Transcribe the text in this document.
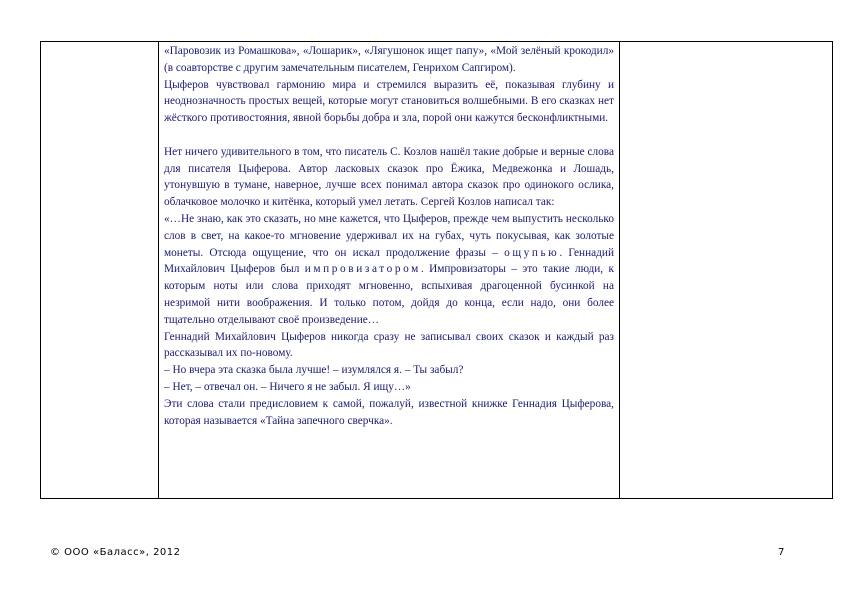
«Паровозик из Ромашкова», «Лошарик», «Лягушонок ищет папу», «Мой зелёный крокодил» (в соавторстве с другим замечательным писателем, Генрихом Сапгиром).

Цыферов чувствовал гармонию мира и стремился выразить её, показывая глубину и неоднозначность простых вещей, которые могут становиться волшебными. В его сказках нет жёсткого противостояния, явной борьбы добра и зла, порой они кажутся бесконфликтными.

Нет ничего удивительного в том, что писатель С. Козлов нашёл такие добрые и верные слова для писателя Цыферова. Автор ласковых сказок про Ёжика, Медвежонка и Лошадь, утонувшую в тумане, наверное, лучше всех понимал автора сказок про одинокого ослика, облачковое молочко и китёнка, который умел летать. Сергей Козлов написал так:

«…Не знаю, как это сказать, но мне кажется, что Цыферов, прежде чем выпустить несколько слов в свет, на какое-то мгновение удерживал их на губах, чуть покусывая, как золотые монеты. Отсюда ощущение, что он искал продолжение фразы – ощупью. Геннадий Михайлович Цыферов был импровизатором. Импровизаторы – это такие люди, к которым ноты или слова приходят мгновенно, вспыхивая драгоценной бусинкой на незримой нити воображения. И только потом, дойдя до конца, если надо, они более тщательно отделывают своё произведение…

Геннадий Михайлович Цыферов никогда сразу не записывал своих сказок и каждый раз рассказывал их по-новому.

– Но вчера эта сказка была лучше! – изумлялся я. – Ты забыл?

– Нет, – отвечал он. – Ничего я не забыл. Я ищу…»

Эти слова стали предисловием к самой, пожалуй, известной книжке Геннадия Цыферова, которая называется «Тайна запечного сверчка».

© ООО «Баласс», 2012	7
